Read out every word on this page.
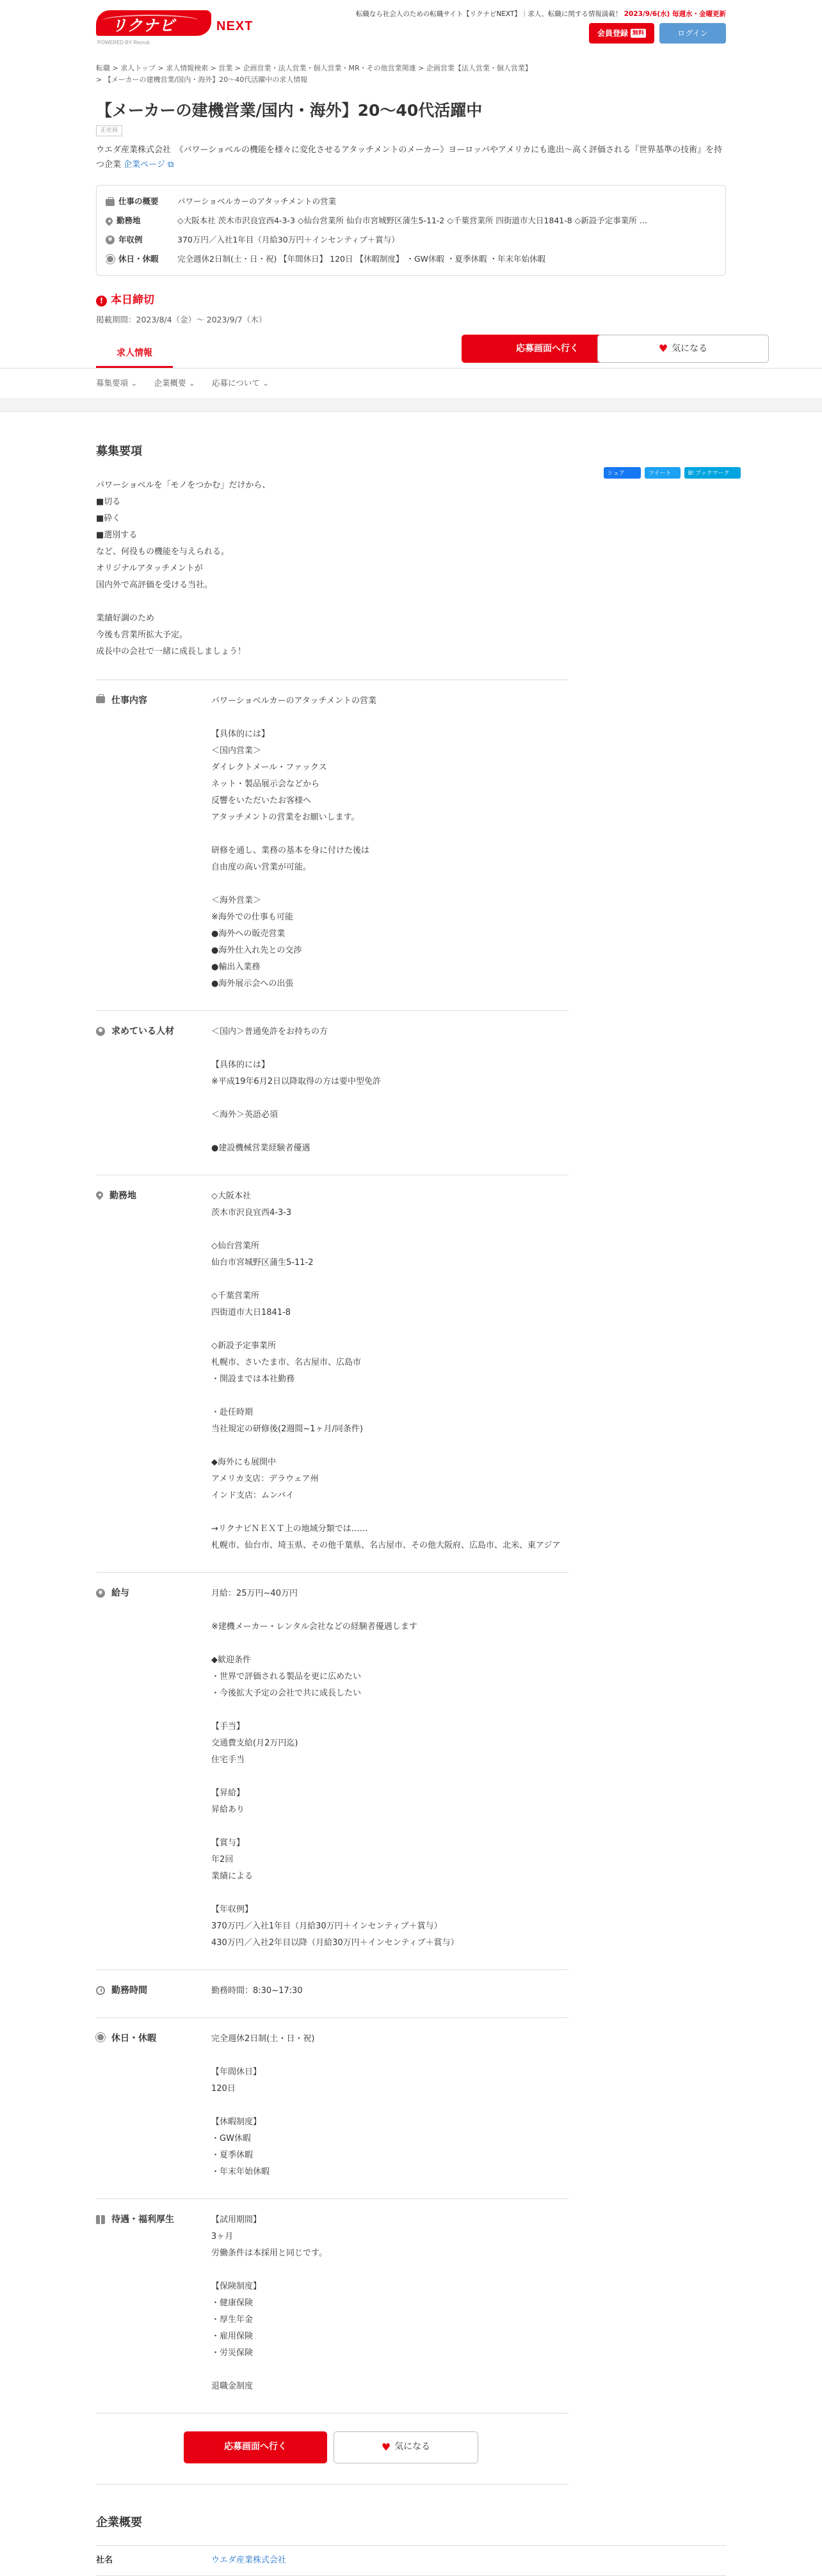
リクナビ	NEXT
POWERED BY Recruit
転職なら社会人のための転職サイト【リクナビNEXT】｜求人、転職に関する情報満載！ 2023/9/6(水) 毎週水・金曜更新
会員登録 無料	ログイン
転職 > 求人トップ > 求人情報検索 > 営業 > 企画営業・法人営業・個人営業・MR・その他営業関連 > 企画営業【法人営業・個人営業】
> 【メーカーの建機営業/国内・海外】20～40代活躍中の求人情報
【メーカーの建機営業/国内・海外】20～40代活躍中
正社員
ウエダ産業株式会社　《パワーショベルの機能を様々に変化させるアタッチメントのメーカー》ヨーロッパやアメリカにも進出～高く評価される『世界基準の技術』を持つ企業 企業ページ ⧉
仕事の概要 パワーショベルカーのアタッチメントの営業
勤務地	◇大阪本社 茨木市沢良宜西4-3-3 ◇仙台営業所 仙台市宮城野区蒲生5-11-2 ◇千葉営業所 四街道市大日1841-8 ◇新設予定事業所 ...
¥ 年収例	370万円／入社1年目（月給30万円＋インセンティブ＋賞与）
休日・休暇 完全週休2日制(土・日・祝) 【年間休日】 120日 【休暇制度】 ・GW休暇 ・夏季休暇 ・年末年始休暇
! 本日締切
掲載期間：2023/8/4（金）～ 2023/9/7（木）
求人情報	応募画面へ行く	♥ 気になる
募集要項 ⌄ 企業概要 ⌄ 応募について ⌄
募集要項
シェア	ツイート	B! ブックマーク
パワーショベルを「モノをつかむ」だけから、
■切る
■砕く
■選別する
など、何役もの機能を与えられる。
オリジナルアタッチメントが
国内外で高評価を受ける当社。

業績好調のため
今後も営業所拡大予定。
成長中の会社で一緒に成長しましょう！
仕事内容	パワーショベルカーのアタッチメントの営業

【具体的には】
＜国内営業＞
ダイレクトメール・ファックス
ネット・製品展示会などから
反響をいただいたお客様へ
アタッチメントの営業をお願いします。

研修を通し、業務の基本を身に付けた後は
自由度の高い営業が可能。

＜海外営業＞
※海外での仕事も可能
●海外への販売営業
●海外仕入れ先との交渉
●輸出入業務
●海外展示会への出張
求めている人材	＜国内＞普通免許をお持ちの方

【具体的には】
※平成19年6月2日以降取得の方は要中型免許

＜海外＞英語必須

●建設機械営業経験者優遇
勤務地	◇大阪本社
茨木市沢良宜西4-3-3

◇仙台営業所
仙台市宮城野区蒲生5-11-2

◇千葉営業所
四街道市大日1841-8

◇新設予定事業所
札幌市、さいたま市、名古屋市、広島市
・開設までは本社勤務

・赴任時期
当社規定の研修後(2週間~1ヶ月/同条件)

◆海外にも展開中
アメリカ支店：デラウェア州
インド支店：ムンバイ

→リクナビＮＥＸＴ上の地域分類では……
札幌市、仙台市、埼玉県、その他千葉県、名古屋市、その他大阪府、広島市、北米、東アジア
¥ 給与	月給：25万円~40万円

※建機メーカー・レンタル会社などの経験者優遇します

◆歓迎条件
・世界で評価される製品を更に広めたい
・今後拡大予定の会社で共に成長したい

【手当】
交通費支給(月2万円迄)
住宅手当

【昇給】
昇給あり

【賞与】
年2回
業績による

【年収例】
370万円／入社1年目（月給30万円＋インセンティブ＋賞与）
430万円／入社2年目以降（月給30万円＋インセンティブ＋賞与）
勤務時間	勤務時間：8:30~17:30
休日・休暇	完全週休2日制(土・日・祝)

【年間休日】
120日

【休暇制度】
・GW休暇
・夏季休暇
・年末年始休暇
待遇・福利厚生	【試用期間】
3ヶ月
労働条件は本採用と同じです。

【保険制度】
・健康保険
・厚生年金
・雇用保険
・労災保険

退職金制度
応募画面へ行く	♥ 気になる
企業概要
社名	ウエダ産業株式会社
